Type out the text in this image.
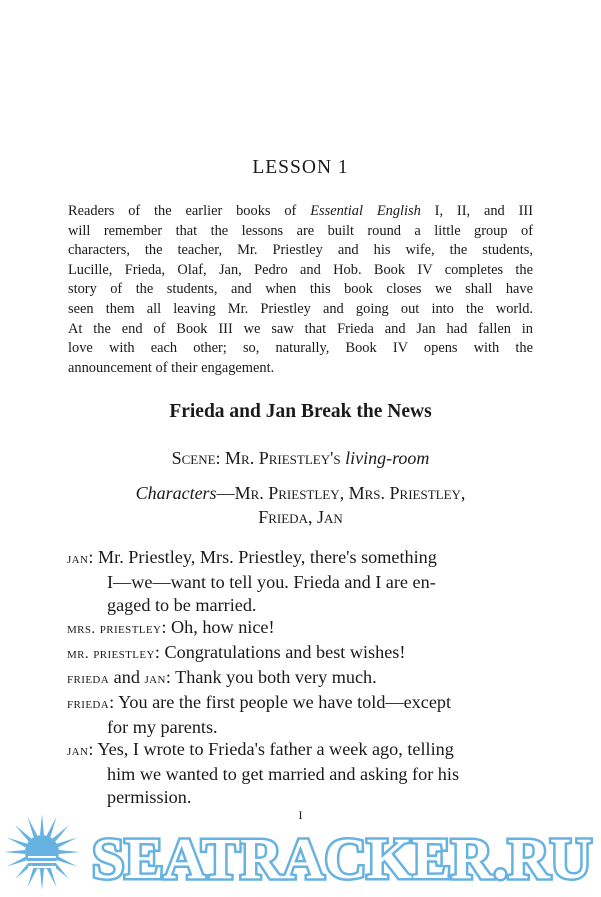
LESSON 1

Readers of the earlier books of Essential English I, II, and III
will remember that the lessons are built round a little group of
characters, the teacher, Mr. Priestley and his wife, the students,
Lucille, Frieda, Olaf, Jan, Pedro and Hob. Book IV completes the
story of the students, and when this book closes we shall have
seen them all leaving Mr. Priestley and going out into the world.
At the end of Book III we saw that Frieda and Jan had fallen in
love with each other; so, naturally, Book IV opens with the
announcement of their engagement.

Frieda and Jan Break the News
Scene: Mr. Priestley's living-room
Characters—Mr. Priestley, Mrs. Priestley,
Frieda, Jan
jan: Mr. Priestley, Mrs. Priestley, there's something
I—we—want to tell you. Frieda and I are en-
gaged to be married.
mrs. priestley: Oh, how nice!
mr. priestley: Congratulations and best wishes!
frieda and jan: Thank you both very much.
frieda: You are the first people we have told—except
for my parents.
jan: Yes, I wrote to Frieda's father a week ago, telling
him we wanted to get married and asking for his
permission.
I
SEATRACKER.RU
